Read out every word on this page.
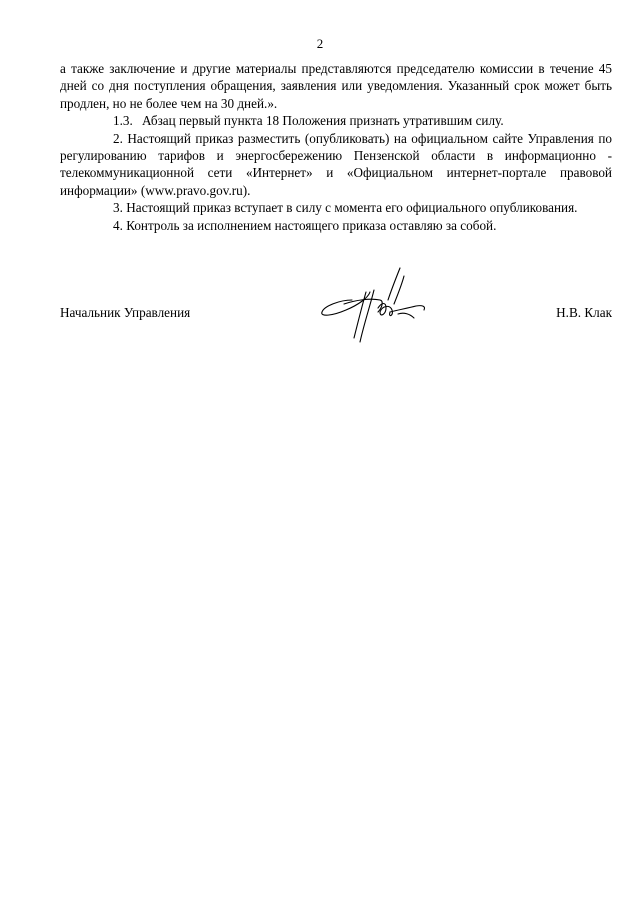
2

а также заключение и другие материалы представляются председателю комиссии в течение 45 дней со дня поступления обращения, заявления или уведомления. Указанный срок может быть продлен, но не более чем на 30 дней.».

1.3. Абзац первый пункта 18 Положения признать утратившим силу.

2. Настоящий приказ разместить (опубликовать) на официальном сайте Управления по регулированию тарифов и энергосбережению Пензенской области в информационно - телекоммуникационной сети «Интернет» и «Официальном интернет-портале правовой информации» (www.pravo.gov.ru).

3. Настоящий приказ вступает в силу с момента его официального опубликования.

4. Контроль за исполнением настоящего приказа оставляю за собой.

Начальник Управления	Н.В. Клак
